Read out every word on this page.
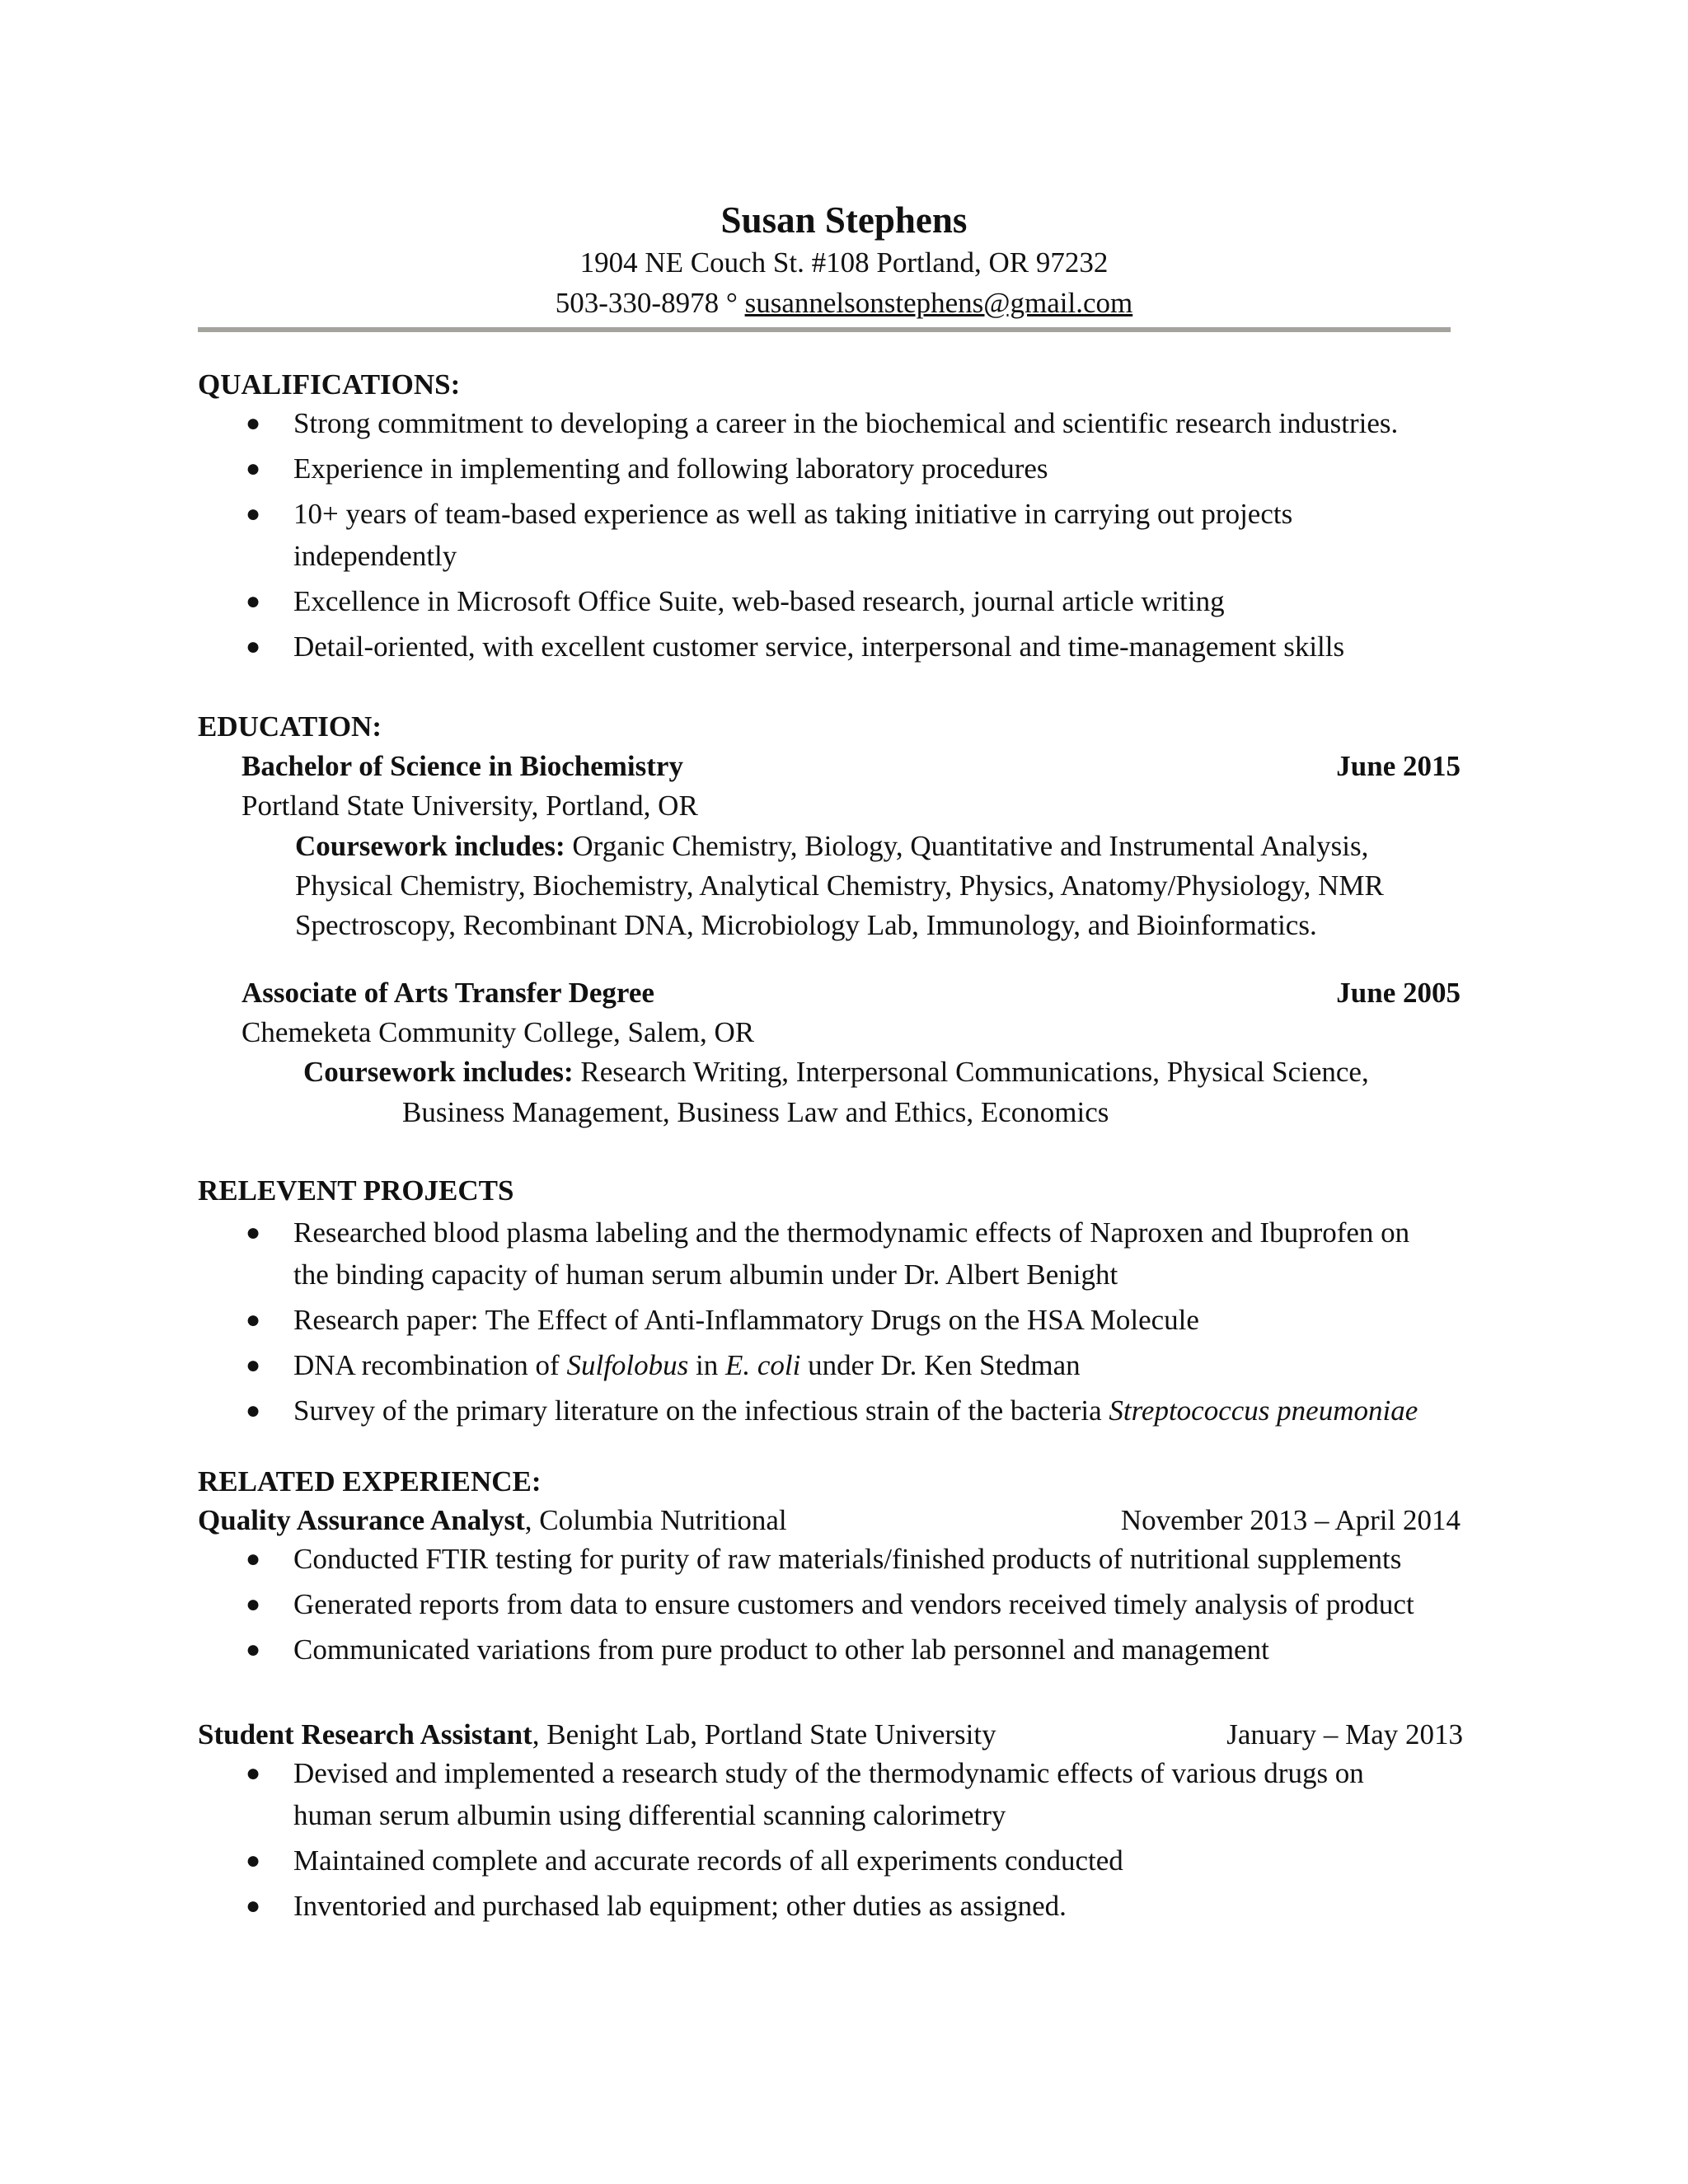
Susan Stephens
1904 NE Couch St. #108 Portland, OR 97232
503-330-8978 ° susannelsonstephens@gmail.com
QUALIFICATIONS:
● Strong commitment to developing a career in the biochemical and scientific research industries.
● Experience in implementing and following laboratory procedures
● 10+ years of team-based experience as well as taking initiative in carrying out projects
independently
● Excellence in Microsoft Office Suite, web-based research, journal article writing
● Detail-oriented, with excellent customer service, interpersonal and time-management skills
EDUCATION:
Bachelor of Science in Biochemistry	June 2015
Portland State University, Portland, OR
Coursework includes: Organic Chemistry, Biology, Quantitative and Instrumental Analysis,
Physical Chemistry, Biochemistry, Analytical Chemistry, Physics, Anatomy/Physiology, NMR
Spectroscopy, Recombinant DNA, Microbiology Lab, Immunology, and Bioinformatics.
Associate of Arts Transfer Degree	June 2005
Chemeketa Community College, Salem, OR
Coursework includes: Research Writing, Interpersonal Communications, Physical Science,
Business Management, Business Law and Ethics, Economics
RELEVENT PROJECTS
● Researched blood plasma labeling and the thermodynamic effects of Naproxen and Ibuprofen on
the binding capacity of human serum albumin under Dr. Albert Benight
● Research paper: The Effect of Anti-Inflammatory Drugs on the HSA Molecule
● DNA recombination of Sulfolobus in E. coli under Dr. Ken Stedman
● Survey of the primary literature on the infectious strain of the bacteria Streptococcus pneumoniae
RELATED EXPERIENCE:
Quality Assurance Analyst, Columbia Nutritional	November 2013 – April 2014
● Conducted FTIR testing for purity of raw materials/finished products of nutritional supplements
● Generated reports from data to ensure customers and vendors received timely analysis of product
● Communicated variations from pure product to other lab personnel and management
Student Research Assistant, Benight Lab, Portland State University	January – May 2013
● Devised and implemented a research study of the thermodynamic effects of various drugs on
human serum albumin using differential scanning calorimetry
● Maintained complete and accurate records of all experiments conducted
● Inventoried and purchased lab equipment; other duties as assigned.
